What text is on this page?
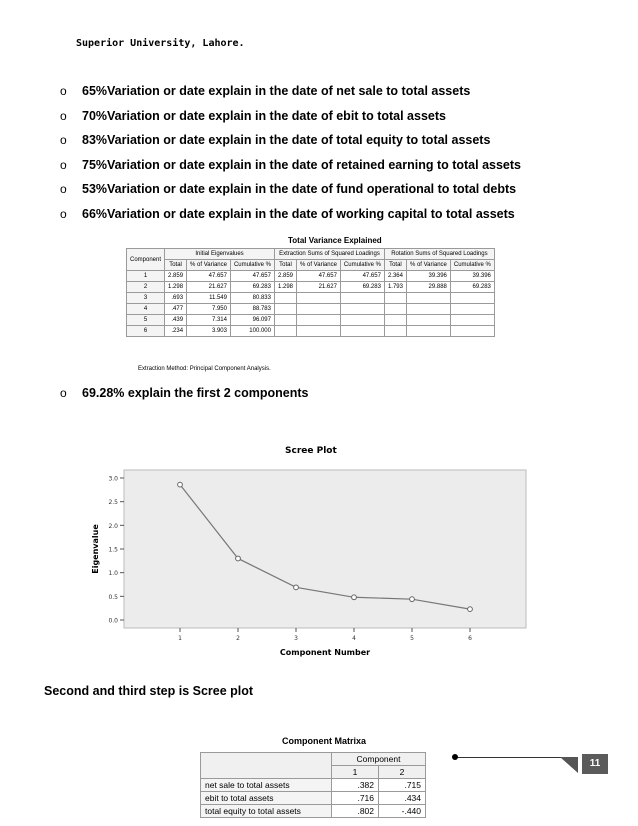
Superior University, Lahore.
o 65%Variation or date explain in the date of net sale to total assets
o 70%Variation or date explain in the date of ebit to total assets
o 83%Variation or date explain in the date of total equity to total assets
o 75%Variation or date explain in the date of retained earning to total assets
o 53%Variation or date explain in the date of fund operational to total debts
o 66%Variation or date explain in the date of working capital to total assets
Total Variance Explained
Component	Initial Eigenvalues			Extraction Sums of Squared Loadings			Rotation Sums of Squared Loadings		
	Total	% of Variance	Cumulative %	Total	% of Variance	Cumulative %	Total	% of Variance	Cumulative %
1	2.859	47.657	47.657	2.859	47.657	47.657	2.364	39.396	39.396
2	1.298	21.627	69.283	1.298	21.627	69.283	1.793	29.888	69.283
3	.693	11.549	80.833						
4	.477	7.950	88.783						
5	.439	7.314	96.097						
6	.234	3.903	100.000						
Extraction Method: Principal Component Analysis.
o 69.28% explain the first 2 components
Scree Plot
0.0
0.5
1.0
1.5
2.0
2.5
3.0
1	2	3	4	5	6
Eigenvalue
Component Number
Second and third step is Scree plot
Component Matrixa
	Component	
	1	2
net sale to total assets	.382	.715
ebit to total assets	.716	.434
total equity to total assets	.802	-.440
11
